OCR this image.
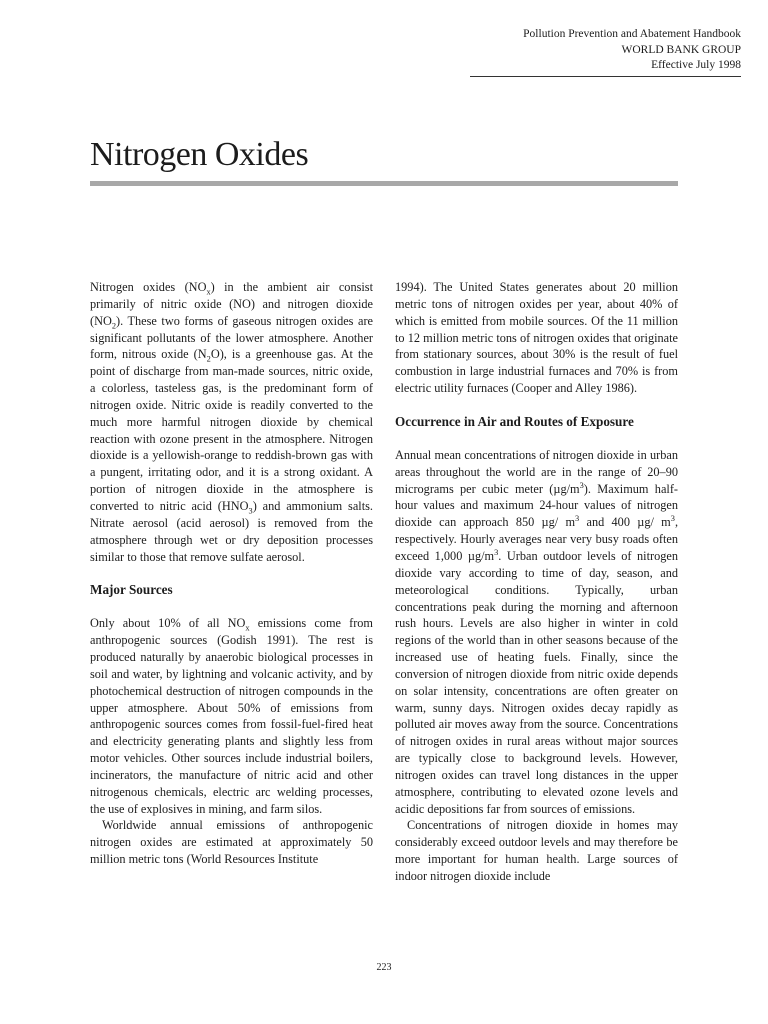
Pollution Prevention and Abatement Handbook
WORLD BANK GROUP
Effective July 1998
Nitrogen Oxides

Nitrogen oxides $(NO_x)$ in the ambient air consist primarily of nitric oxide (NO) and nitrogen dioxide $(NO_2)$. These two forms of gaseous nitrogen oxides are significant pollutants of the lower atmosphere. Another form, nitrous oxide $(N_2O)$, is a greenhouse gas. At the point of discharge from man-made sources, nitric oxide, a colorless, tasteless gas, is the predominant form of nitrogen oxide. Nitric oxide is readily converted to the much more harmful nitrogen dioxide by chemical reaction with ozone present in the atmosphere. Nitrogen dioxide is a yellowish-orange to reddish-brown gas with a pungent, irritating odor, and it is a strong oxidant. A portion of nitrogen dioxide in the atmosphere is converted to nitric acid $(HNO_3)$ and ammonium salts. Nitrate aerosol (acid aerosol) is removed from the atmosphere through wet or dry deposition processes similar to those that remove sulfate aerosol.

Major Sources

Only about 10% of all $NO_x$ emissions come from anthropogenic sources (Godish 1991). The rest is produced naturally by anaerobic biological processes in soil and water, by lightning and volcanic activity, and by photochemical destruction of nitrogen compounds in the upper atmosphere. About 50% of emissions from anthropogenic sources comes from fossil-fuel-fired heat and electricity generating plants and slightly less from motor vehicles. Other sources include industrial boilers, incinerators, the manufacture of nitric acid and other nitrogenous chemicals, electric arc welding processes, the use of explosives in mining, and farm silos.

Worldwide annual emissions of anthropogenic nitrogen oxides are estimated at approximately 50 million metric tons (World Resources Institute

1994). The United States generates about 20 million metric tons of nitrogen oxides per year, about 40% of which is emitted from mobile sources. Of the 11 million to 12 million metric tons of nitrogen oxides that originate from stationary sources, about 30% is the result of fuel combustion in large industrial furnaces and 70% is from electric utility furnaces (Cooper and Alley 1986).

Occurrence in Air and Routes of Exposure

Annual mean concentrations of nitrogen dioxide in urban areas throughout the world are in the range of 20–90 micrograms per cubic meter $(\mu g/m^3)$. Maximum half-hour values and maximum 24-hour values of nitrogen dioxide can approach 850 µg/ $m^3$ and 400 µg/ $m^3$, respectively. Hourly averages near very busy roads often exceed 1,000 $\mu g/m^3$. Urban outdoor levels of nitrogen dioxide vary according to time of day, season, and meteorological conditions. Typically, urban concentrations peak during the morning and afternoon rush hours. Levels are also higher in winter in cold regions of the world than in other seasons because of the increased use of heating fuels. Finally, since the conversion of nitrogen dioxide from nitric oxide depends on solar intensity, concentrations are often greater on warm, sunny days. Nitrogen oxides decay rapidly as polluted air moves away from the source. Concentrations of nitrogen oxides in rural areas without major sources are typically close to background levels. However, nitrogen oxides can travel long distances in the upper atmosphere, contributing to elevated ozone levels and acidic depositions far from sources of emissions.

Concentrations of nitrogen dioxide in homes may considerably exceed outdoor levels and may therefore be more important for human health. Large sources of indoor nitrogen dioxide include

223
